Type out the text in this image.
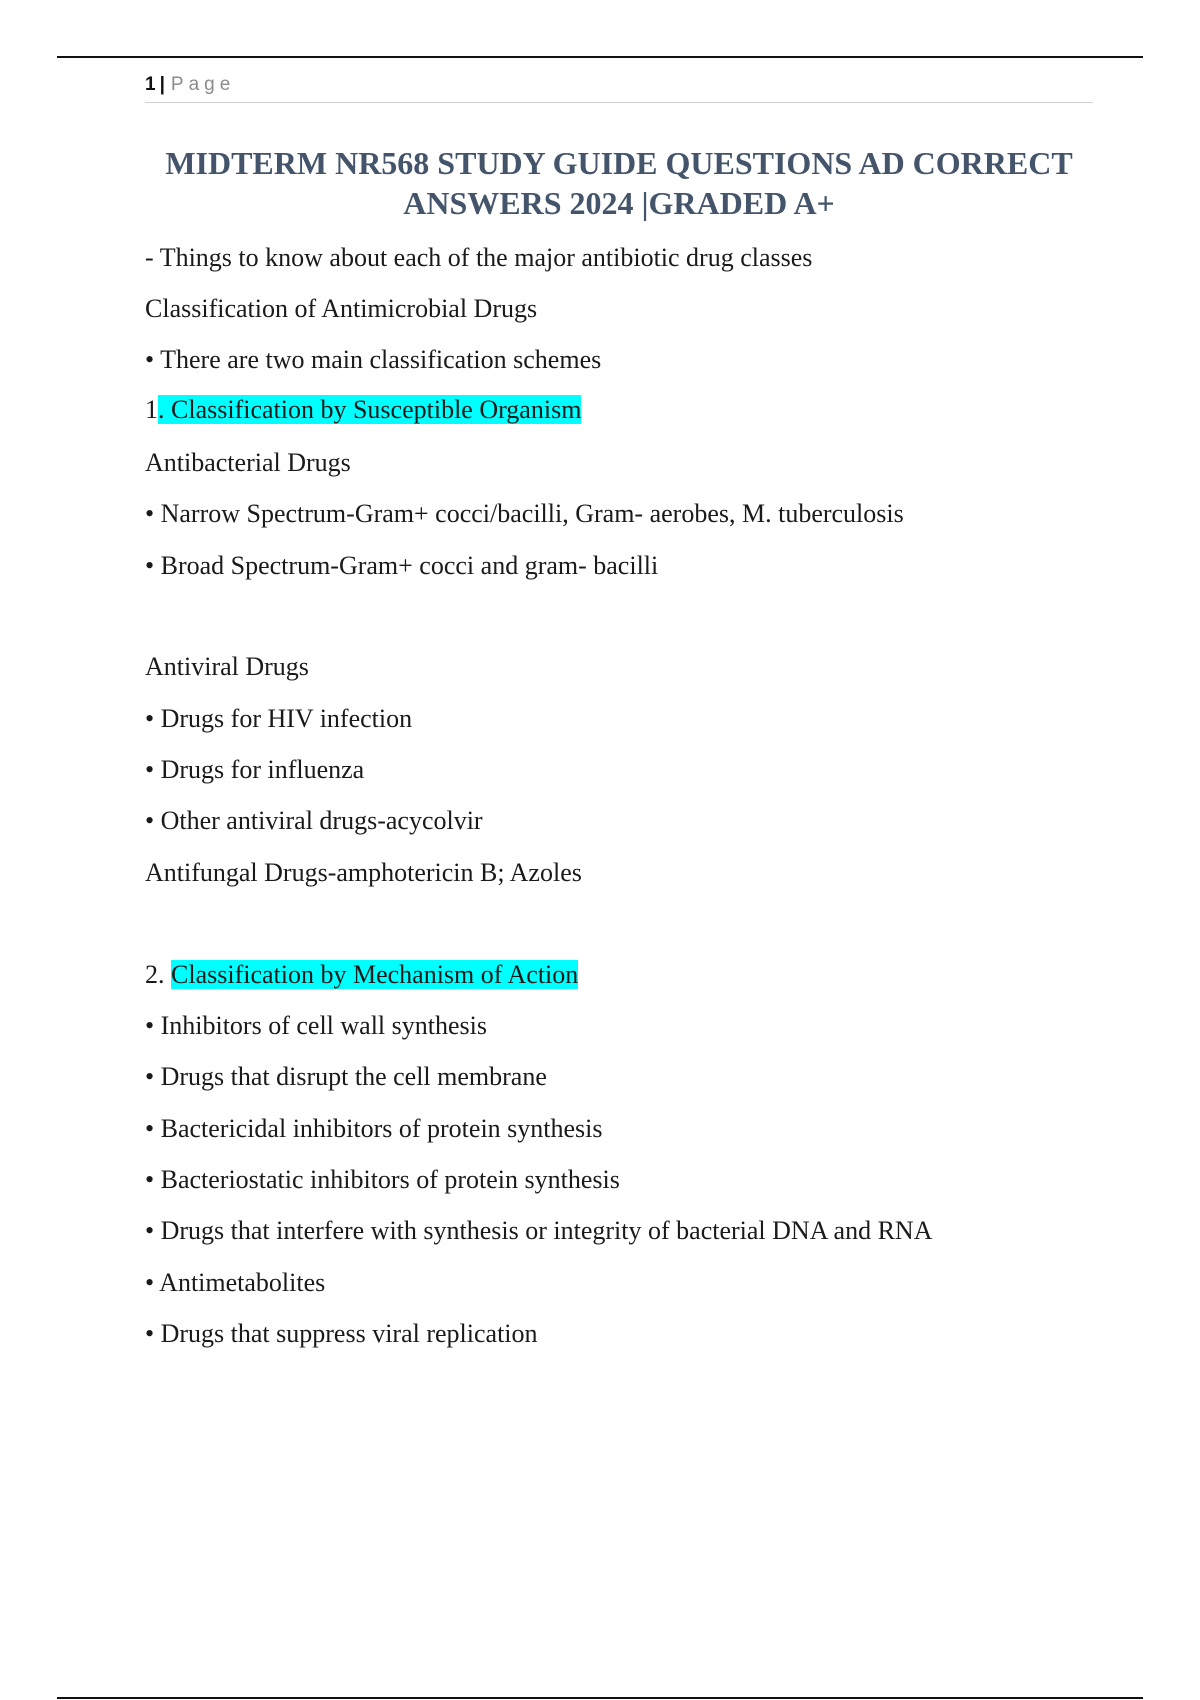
1 | Page
MIDTERM NR568 STUDY GUIDE QUESTIONS AD CORRECT ANSWERS 2024 |GRADED A+
- Things to know about each of the major antibiotic drug classes
Classification of Antimicrobial Drugs
• There are two main classification schemes
1. Classification by Susceptible Organism
Antibacterial Drugs
• Narrow Spectrum-Gram+ cocci/bacilli, Gram- aerobes, M. tuberculosis
• Broad Spectrum-Gram+ cocci and gram- bacilli
Antiviral Drugs
• Drugs for HIV infection
• Drugs for influenza
• Other antiviral drugs-acycolvir
Antifungal Drugs-amphotericin B; Azoles
2. Classification by Mechanism of Action
• Inhibitors of cell wall synthesis
• Drugs that disrupt the cell membrane
• Bactericidal inhibitors of protein synthesis
• Bacteriostatic inhibitors of protein synthesis
• Drugs that interfere with synthesis or integrity of bacterial DNA and RNA
• Antimetabolites
• Drugs that suppress viral replication
